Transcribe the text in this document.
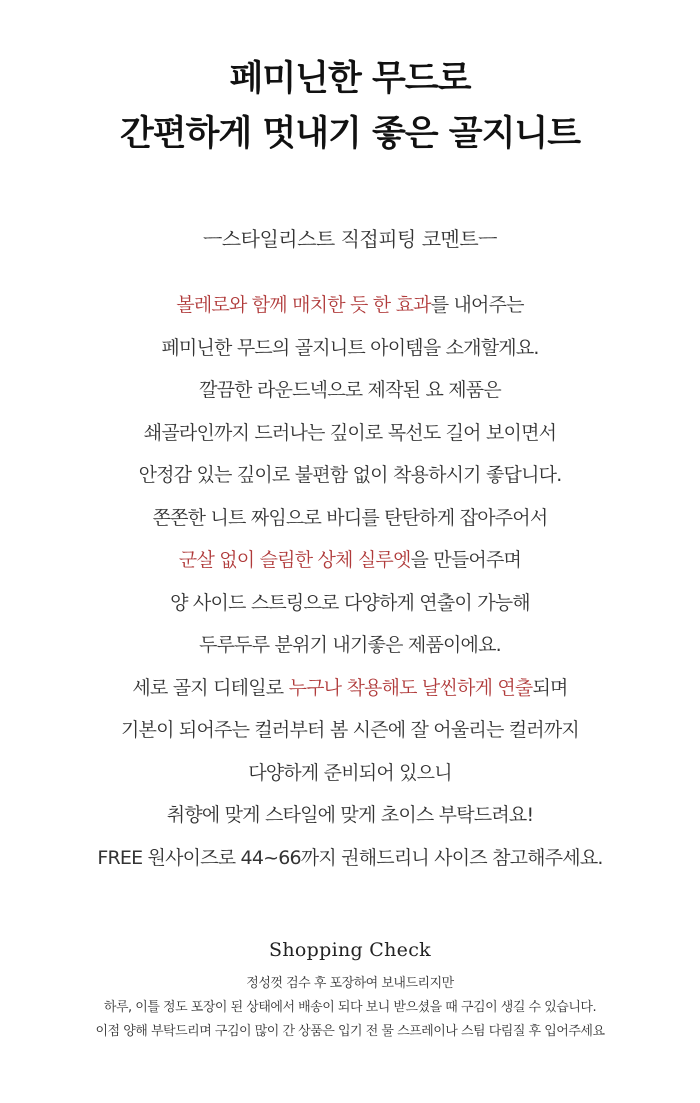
페미닌한 무드로
간편하게 멋내기 좋은 골지니트
ㅡ스타일리스트 직접피팅 코멘트ㅡ
볼레로와 함께 매치한 듯 한 효과를 내어주는
페미닌한 무드의 골지니트 아이템을 소개할게요.
깔끔한 라운드넥으로 제작된 요 제품은
쇄골라인까지 드러나는 깊이로 목선도 길어 보이면서
안정감 있는 깊이로 불편함 없이 착용하시기 좋답니다.
쫀쫀한 니트 짜임으로 바디를 탄탄하게 잡아주어서
군살 없이 슬림한 상체 실루엣을 만들어주며
양 사이드 스트링으로 다양하게 연출이 가능해
두루두루 분위기 내기좋은 제품이에요.
세로 골지 디테일로 누구나 착용해도 날씬하게 연출되며
기본이 되어주는 컬러부터 봄 시즌에 잘 어울리는 컬러까지
다양하게 준비되어 있으니
취향에 맞게 스타일에 맞게 초이스 부탁드려요!
FREE 원사이즈로 44~66까지 권해드리니 사이즈 참고해주세요.
Shopping Check
정성껏 검수 후 포장하여 보내드리지만
하루, 이틀 정도 포장이 된 상태에서 배송이 되다 보니 받으셨을 때 구김이 생길 수 있습니다.
이점 양해 부탁드리며 구김이 많이 간 상품은 입기 전 물 스프레이나 스팀 다림질 후 입어주세요
